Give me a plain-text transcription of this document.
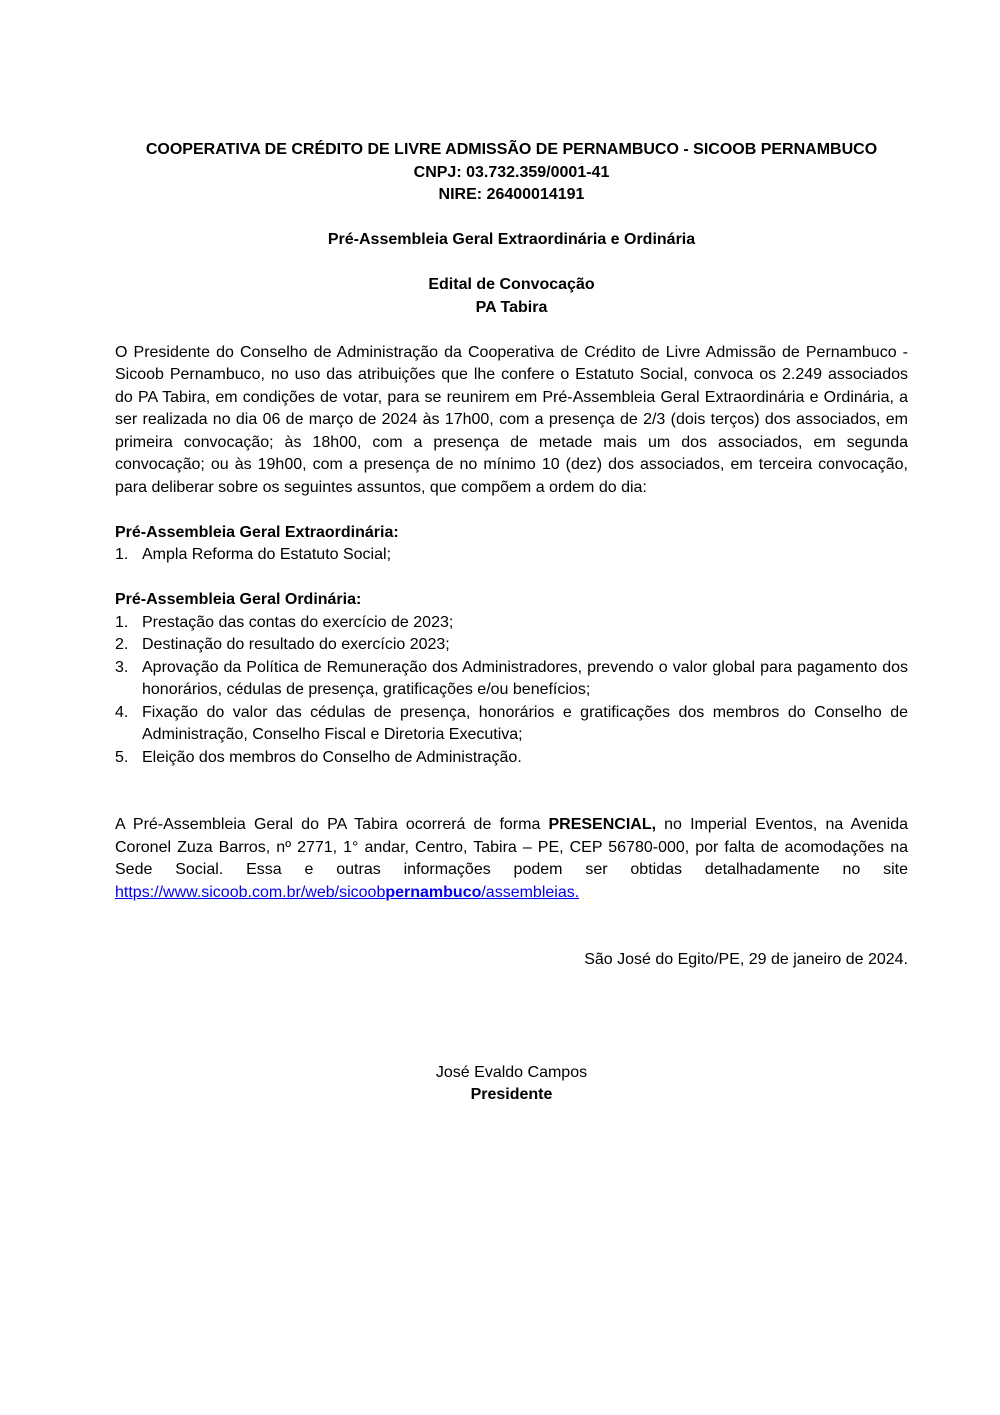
COOPERATIVA DE CRÉDITO DE LIVRE ADMISSÃO DE PERNAMBUCO - SICOOB PERNAMBUCO
CNPJ: 03.732.359/0001-41
NIRE: 26400014191
Pré-Assembleia Geral Extraordinária e Ordinária
Edital de Convocação
PA Tabira
O Presidente do Conselho de Administração da Cooperativa de Crédito de Livre Admissão de Pernambuco - Sicoob Pernambuco, no uso das atribuições que lhe confere o Estatuto Social, convoca os 2.249 associados do PA Tabira, em condições de votar, para se reunirem em Pré-Assembleia Geral Extraordinária e Ordinária, a ser realizada no dia 06 de março de 2024 às 17h00, com a presença de 2/3 (dois terços) dos associados, em primeira convocação; às 18h00, com a presença de metade mais um dos associados, em segunda convocação; ou às 19h00, com a presença de no mínimo 10 (dez) dos associados, em terceira convocação, para deliberar sobre os seguintes assuntos, que compõem a ordem do dia:
Pré-Assembleia Geral Extraordinária:
1. Ampla Reforma do Estatuto Social;
Pré-Assembleia Geral Ordinária:
1. Prestação das contas do exercício de 2023;
2. Destinação do resultado do exercício 2023;
3. Aprovação da Política de Remuneração dos Administradores, prevendo o valor global para pagamento dos honorários, cédulas de presença, gratificações e/ou benefícios;
4. Fixação do valor das cédulas de presença, honorários e gratificações dos membros do Conselho de Administração, Conselho Fiscal e Diretoria Executiva;
5. Eleição dos membros do Conselho de Administração.
A Pré-Assembleia Geral do PA Tabira ocorrerá de forma PRESENCIAL, no Imperial Eventos, na Avenida Coronel Zuza Barros, nº 2771, 1° andar, Centro, Tabira – PE, CEP 56780-000, por falta de acomodações na Sede Social. Essa e outras informações podem ser obtidas detalhadamente no site https://www.sicoob.com.br/web/sicoobpernambuco/assembleias.
São José do Egito/PE, 29 de janeiro de 2024.
José Evaldo Campos
Presidente
